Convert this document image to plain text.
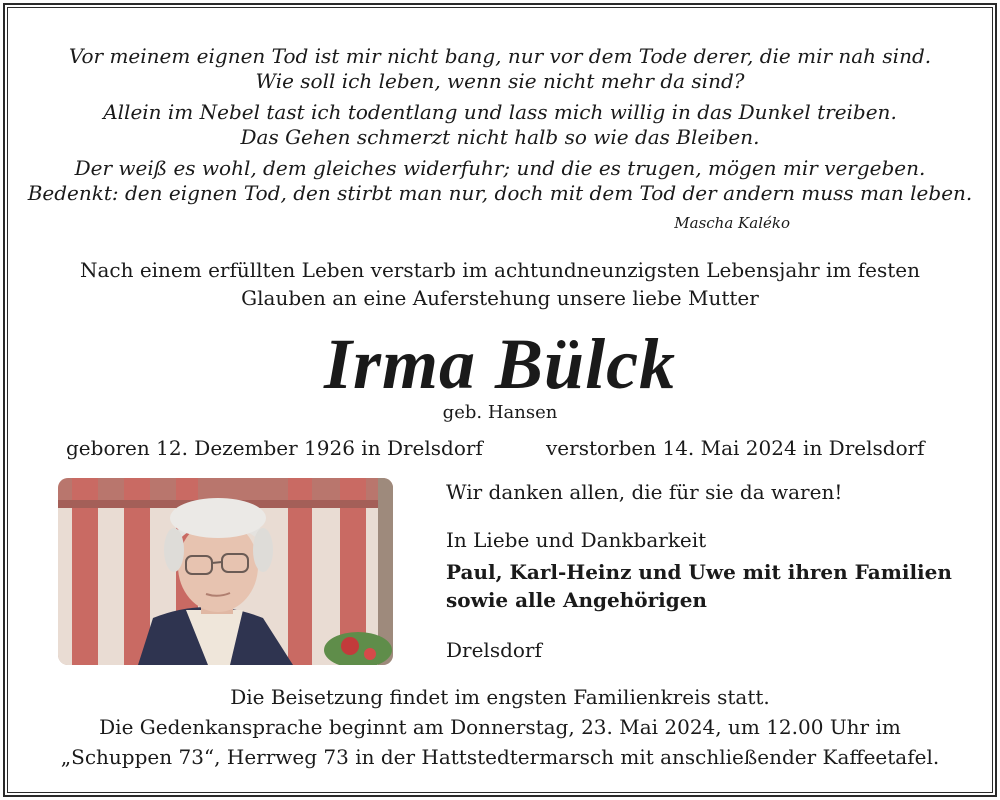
Vor meinem eignen Tod ist mir nicht bang, nur vor dem Tode derer, die mir nah sind.
Wie soll ich leben, wenn sie nicht mehr da sind?
Allein im Nebel tast ich todentlang und lass mich willig in das Dunkel treiben.
Das Gehen schmerzt nicht halb so wie das Bleiben.
Der weiß es wohl, dem gleiches widerfuhr; und die es trugen, mögen mir vergeben.
Bedenkt: den eignen Tod, den stirbt man nur, doch mit dem Tod der andern muss man leben.
Mascha Kaléko
Nach einem erfüllten Leben verstarb im achtundneunzigsten Lebensjahr im festen
Glauben an eine Auferstehung unsere liebe Mutter
Irma Bülck
geb. Hansen
geboren 12. Dezember 1926 in Drelsdorf	verstorben 14. Mai 2024 in Drelsdorf
Wir danken allen, die für sie da waren!
In Liebe und Dankbarkeit
Paul, Karl-Heinz und Uwe mit ihren Familien
sowie alle Angehörigen
Drelsdorf
Die Beisetzung findet im engsten Familienkreis statt.
Die Gedenkansprache beginnt am Donnerstag, 23. Mai 2024, um 12.00 Uhr im
„Schuppen 73“, Herrweg 73 in der Hattstedtermarsch mit anschließender Kaffeetafel.
